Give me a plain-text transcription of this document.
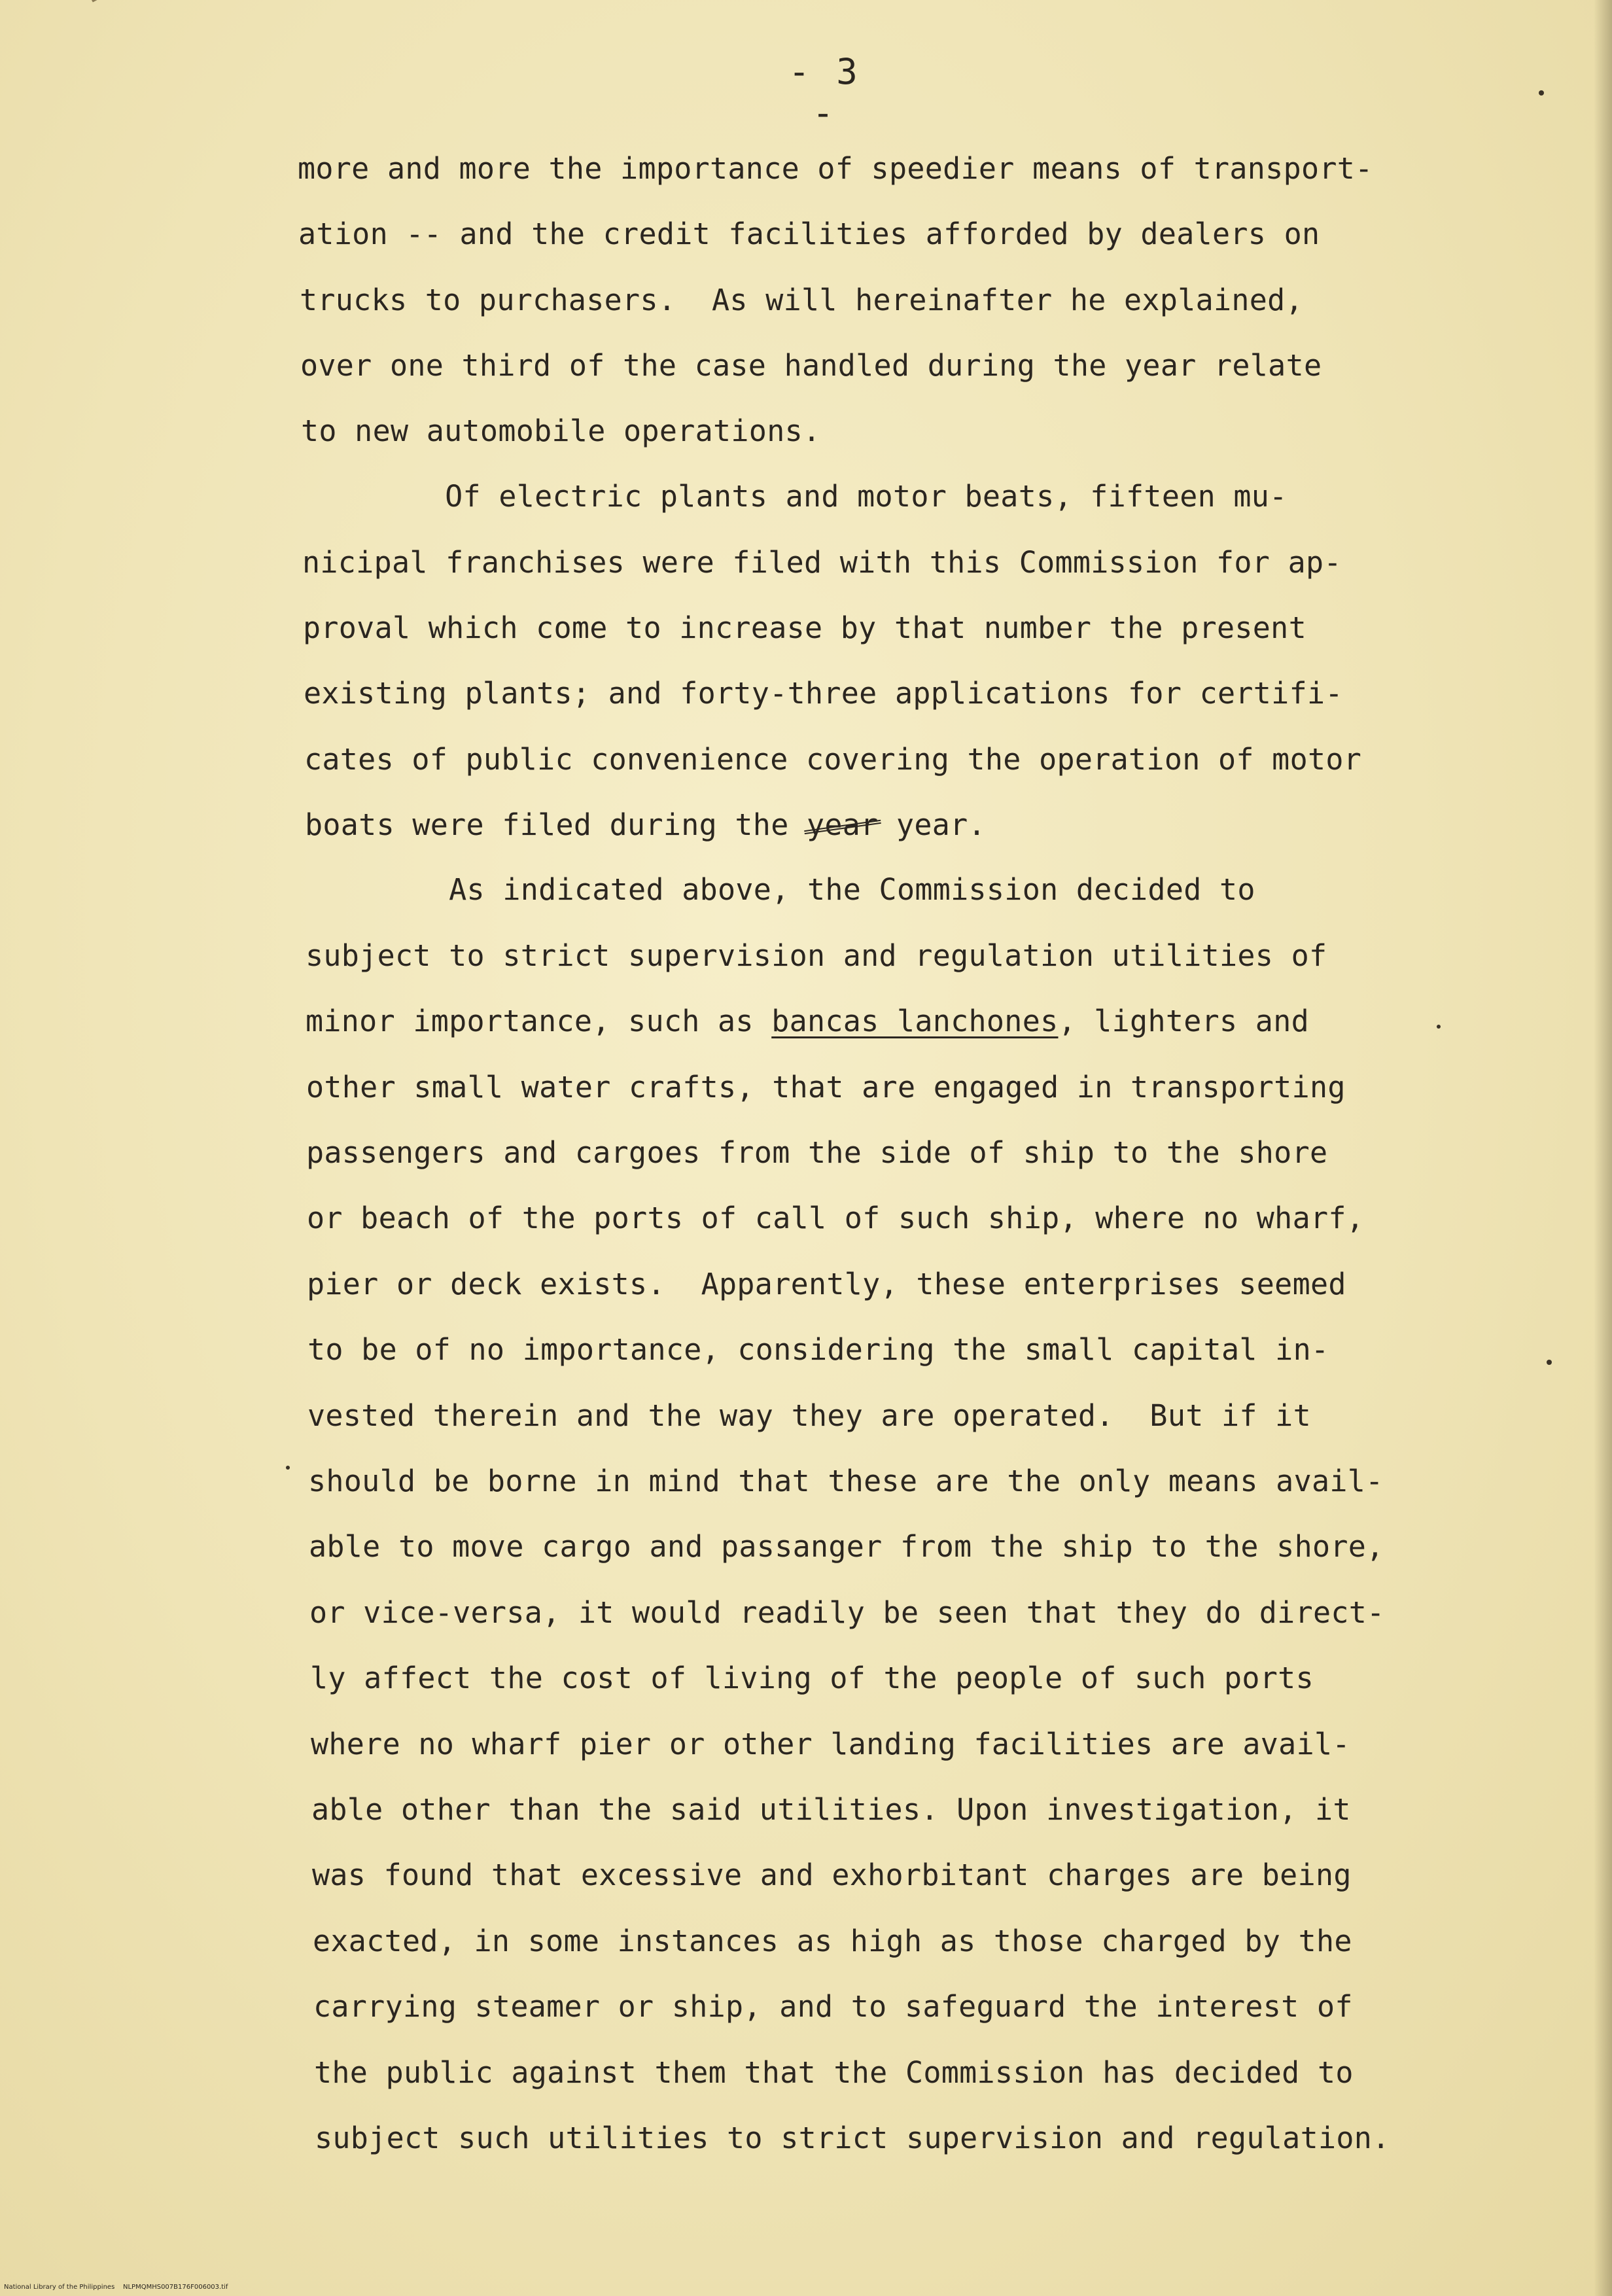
- 3 -
more and more the importance of speedier means of transport-
ation -- and the credit facilities afforded by dealers on
trucks to purchasers.  As will hereinafter he explained,
over one third of the case handled during the year relate
to new automobile operations.
Of electric plants and motor beats, fifteen mu-
nicipal franchises were filed with this Commission for ap-
proval which come to increase by that number the present
existing plants; and forty-three applications for certifi-
cates of public convenience covering the operation of motor
boats were filed during the year year.
As indicated above, the Commission decided to
subject to strict supervision and regulation utilities of
minor importance, such as bancas lanchones, lighters and
other small water crafts, that are engaged in transporting
passengers and cargoes from the side of ship to the shore
or beach of the ports of call of such ship, where no wharf,
pier or deck exists.  Apparently, these enterprises seemed
to be of no importance, considering the small capital in-
vested therein and the way they are operated.  But if it
should be borne in mind that these are the only means avail-
able to move cargo and passanger from the ship to the shore,
or vice-versa, it would readily be seen that they do direct-
ly affect the cost of living of the people of such ports
where no wharf pier or other landing facilities are avail-
able other than the said utilities. Upon investigation, it
was found that excessive and exhorbitant charges are being
exacted, in some instances as high as those charged by the
carrying steamer or ship, and to safeguard the interest of
the public against them that the Commission has decided to
subject such utilities to strict supervision and regulation.
National Library of the Philippines    NLPMQMHS007B176F006003.tif
